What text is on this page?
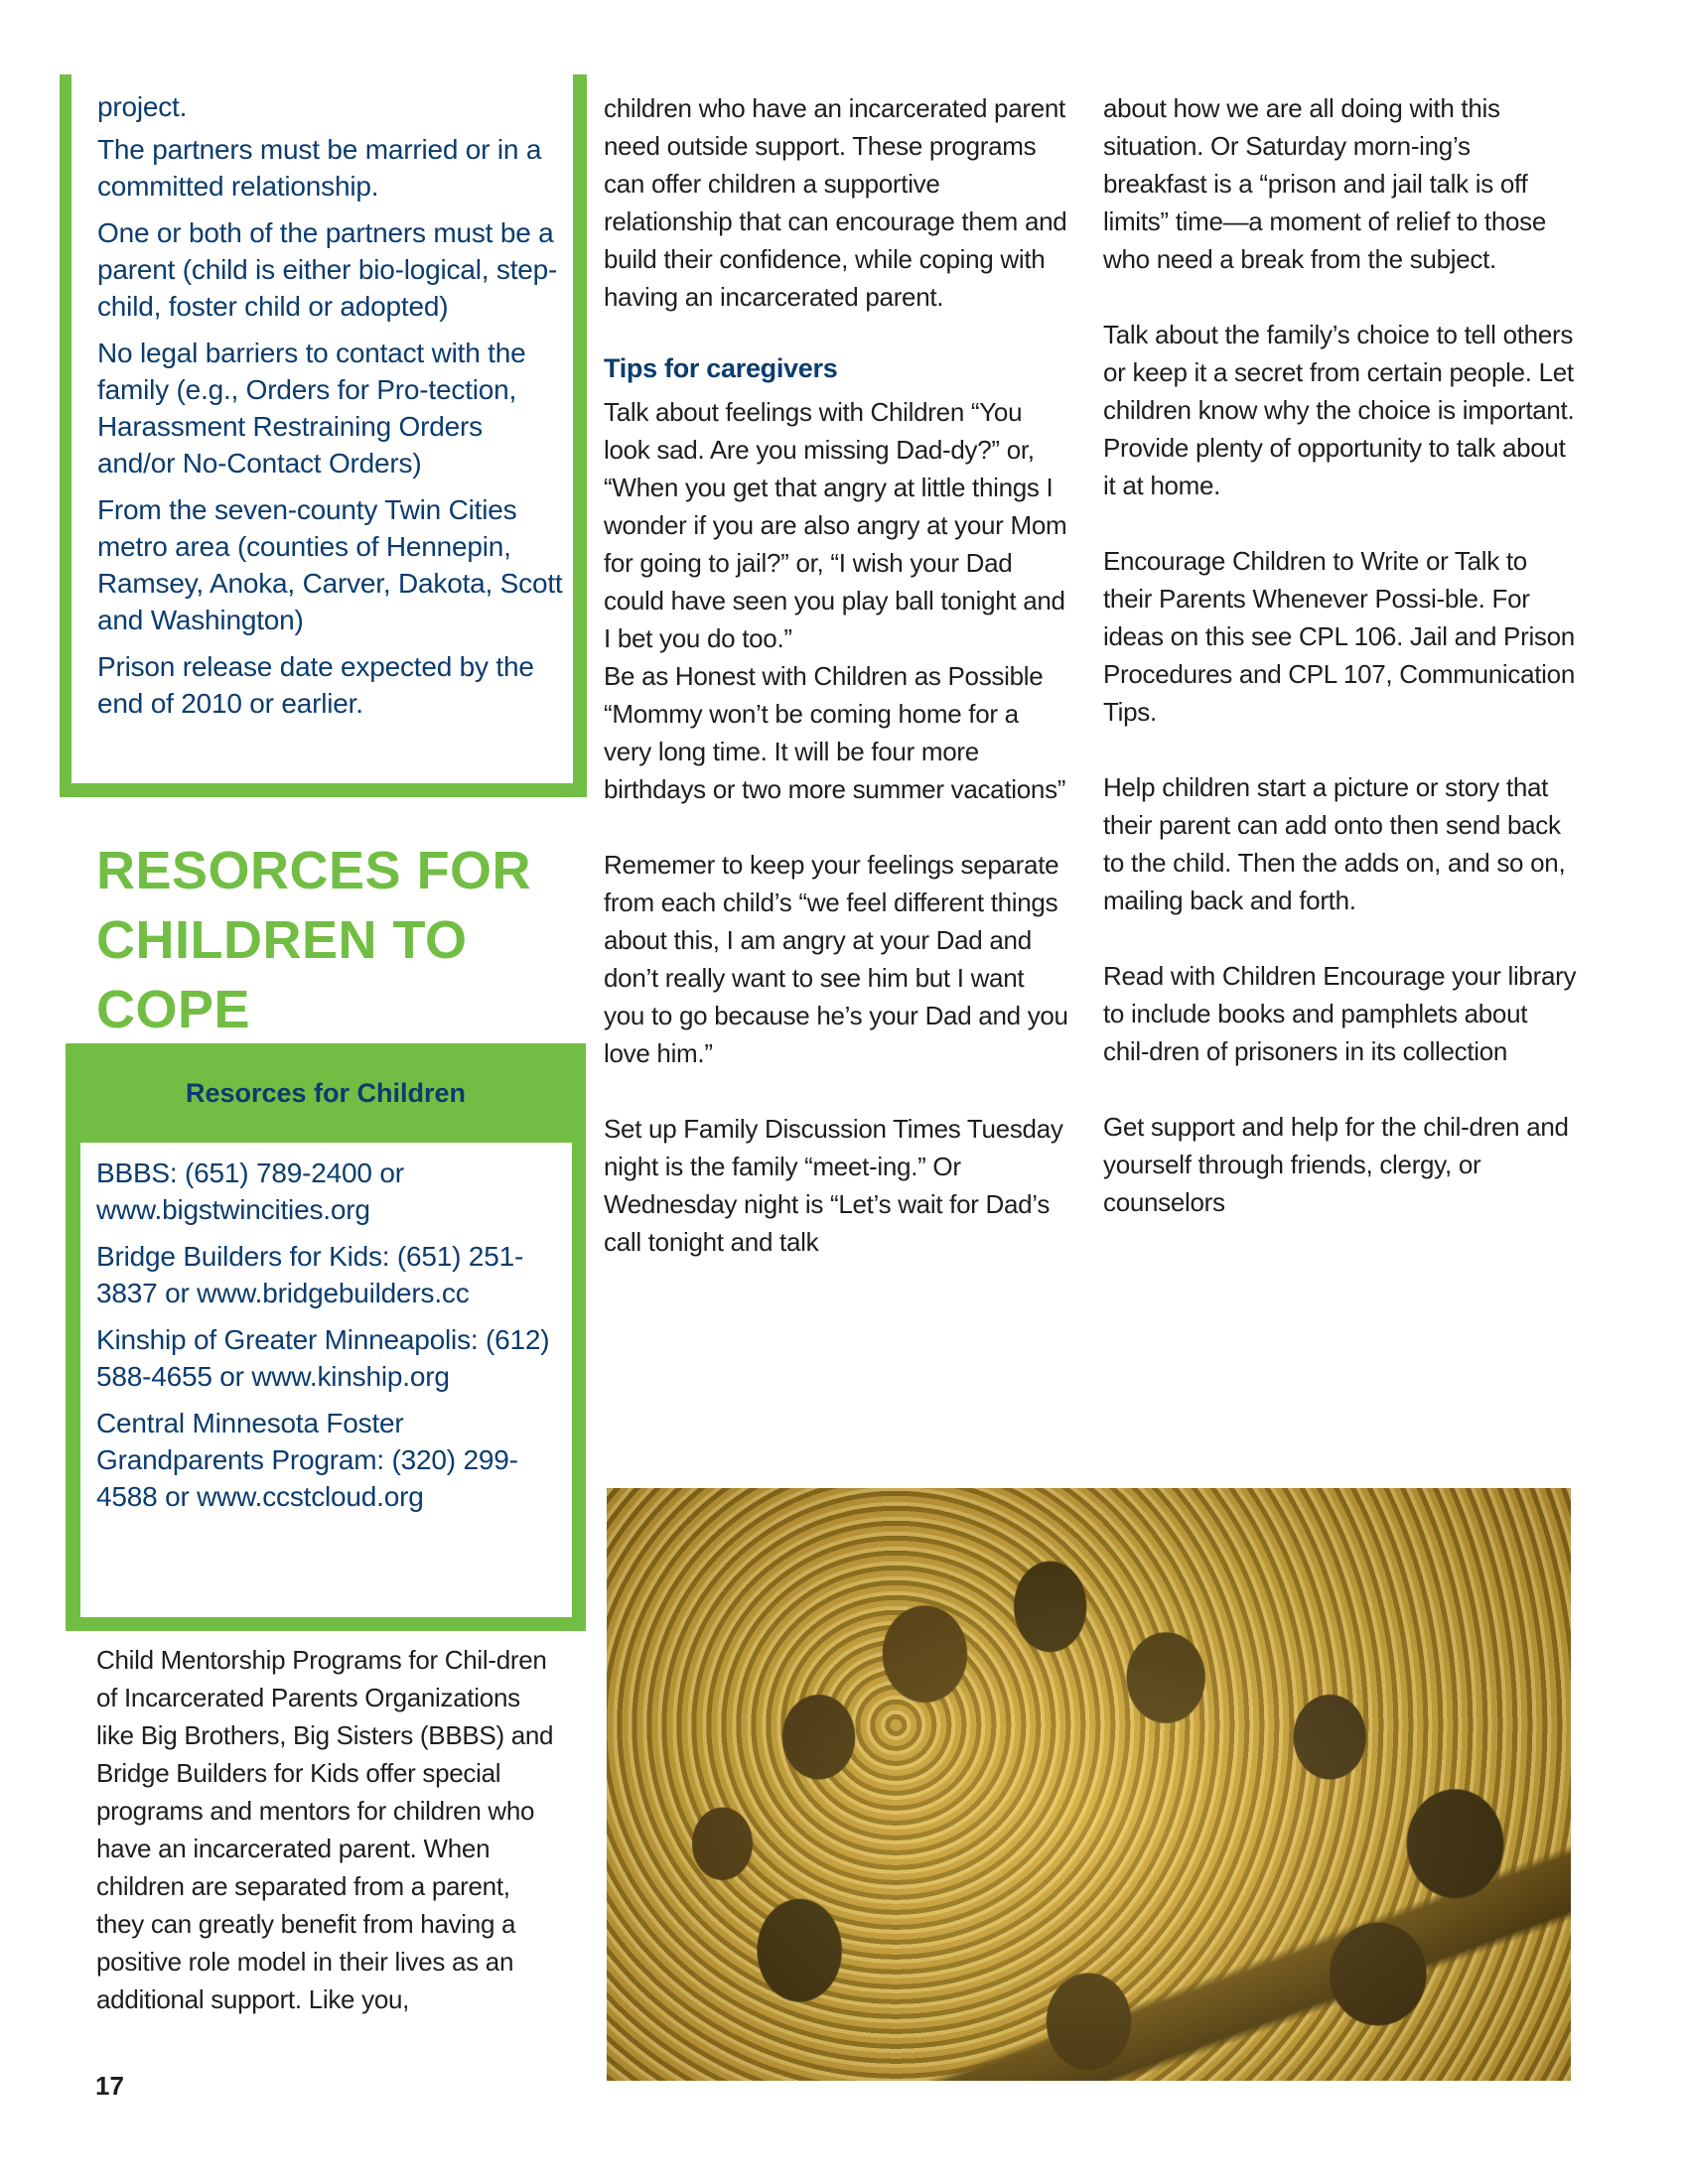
project.

The partners must be married or in a committed relationship.

One or both of the partners must be a parent (child is either bio-logical, step-child, foster child or adopted)

No legal barriers to contact with the family (e.g., Orders for Pro-tection, Harassment Restraining Orders and/or No-Contact Orders)

From the seven-county Twin Cities metro area (counties of Hennepin, Ramsey, Anoka, Carver, Dakota, Scott and Washington)

Prison release date expected by the end of 2010 or earlier.

RESORCES FOR CHILDREN TO COPE
Resorces for Children

BBBS: (651) 789-2400 or www.bigstwincities.org

Bridge Builders for Kids: (651) 251-3837 or www.bridgebuilders.cc

Kinship of Greater Minneapolis: (612) 588-4655 or www.kinship.org

Central Minnesota Foster Grandparents Program: (320) 299-4588 or www.ccstcloud.org

Child Mentorship Programs for Chil-dren of Incarcerated Parents Organizations like Big Brothers, Big Sisters (BBBS) and Bridge Builders for Kids offer special programs and mentors for children who have an incarcerated parent. When children are separated from a parent, they can greatly benefit from having a positive role model in their lives as an additional support. Like you,

17

children who have an incarcerated parent need outside support. These programs can offer children a supportive relationship that can encourage them and build their confidence, while coping with having an incarcerated parent.

Tips for caregivers

Talk about feelings with Children “You look sad. Are you missing Dad-dy?” or, “When you get that angry at little things I wonder if you are also angry at your Mom for going to jail?” or, “I wish your Dad could have seen you play ball tonight and I bet you do too.”

Be as Honest with Children as Possible “Mommy won’t be coming home for a very long time. It will be four more birthdays or two more summer vacations”

Rememer to keep your feelings separate from each child’s “we feel different things about this, I am angry at your Dad and don’t really want to see him but I want you to go because he’s your Dad and you love him.”

Set up Family Discussion Times Tuesday night is the family “meet-ing.” Or Wednesday night is “Let’s wait for Dad’s call tonight and talk

about how we are all doing with this situation. Or Saturday morn-ing’s breakfast is a “prison and jail talk is off limits” time—a moment of relief to those who need a break from the subject.

Talk about the family’s choice to tell others or keep it a secret from certain people. Let children know why the choice is important. Provide plenty of opportunity to talk about it at home.

Encourage Children to Write or Talk to their Parents Whenever Possi-ble. For ideas on this see CPL 106. Jail and Prison Procedures and CPL 107, Communication Tips.

Help children start a picture or story that their parent can add onto then send back to the child. Then the adds on, and so on, mailing back and forth.

Read with Children Encourage your library to include books and pamphlets about chil-dren of prisoners in its collection

Get support and help for the chil-dren and yourself through friends, clergy, or counselors
